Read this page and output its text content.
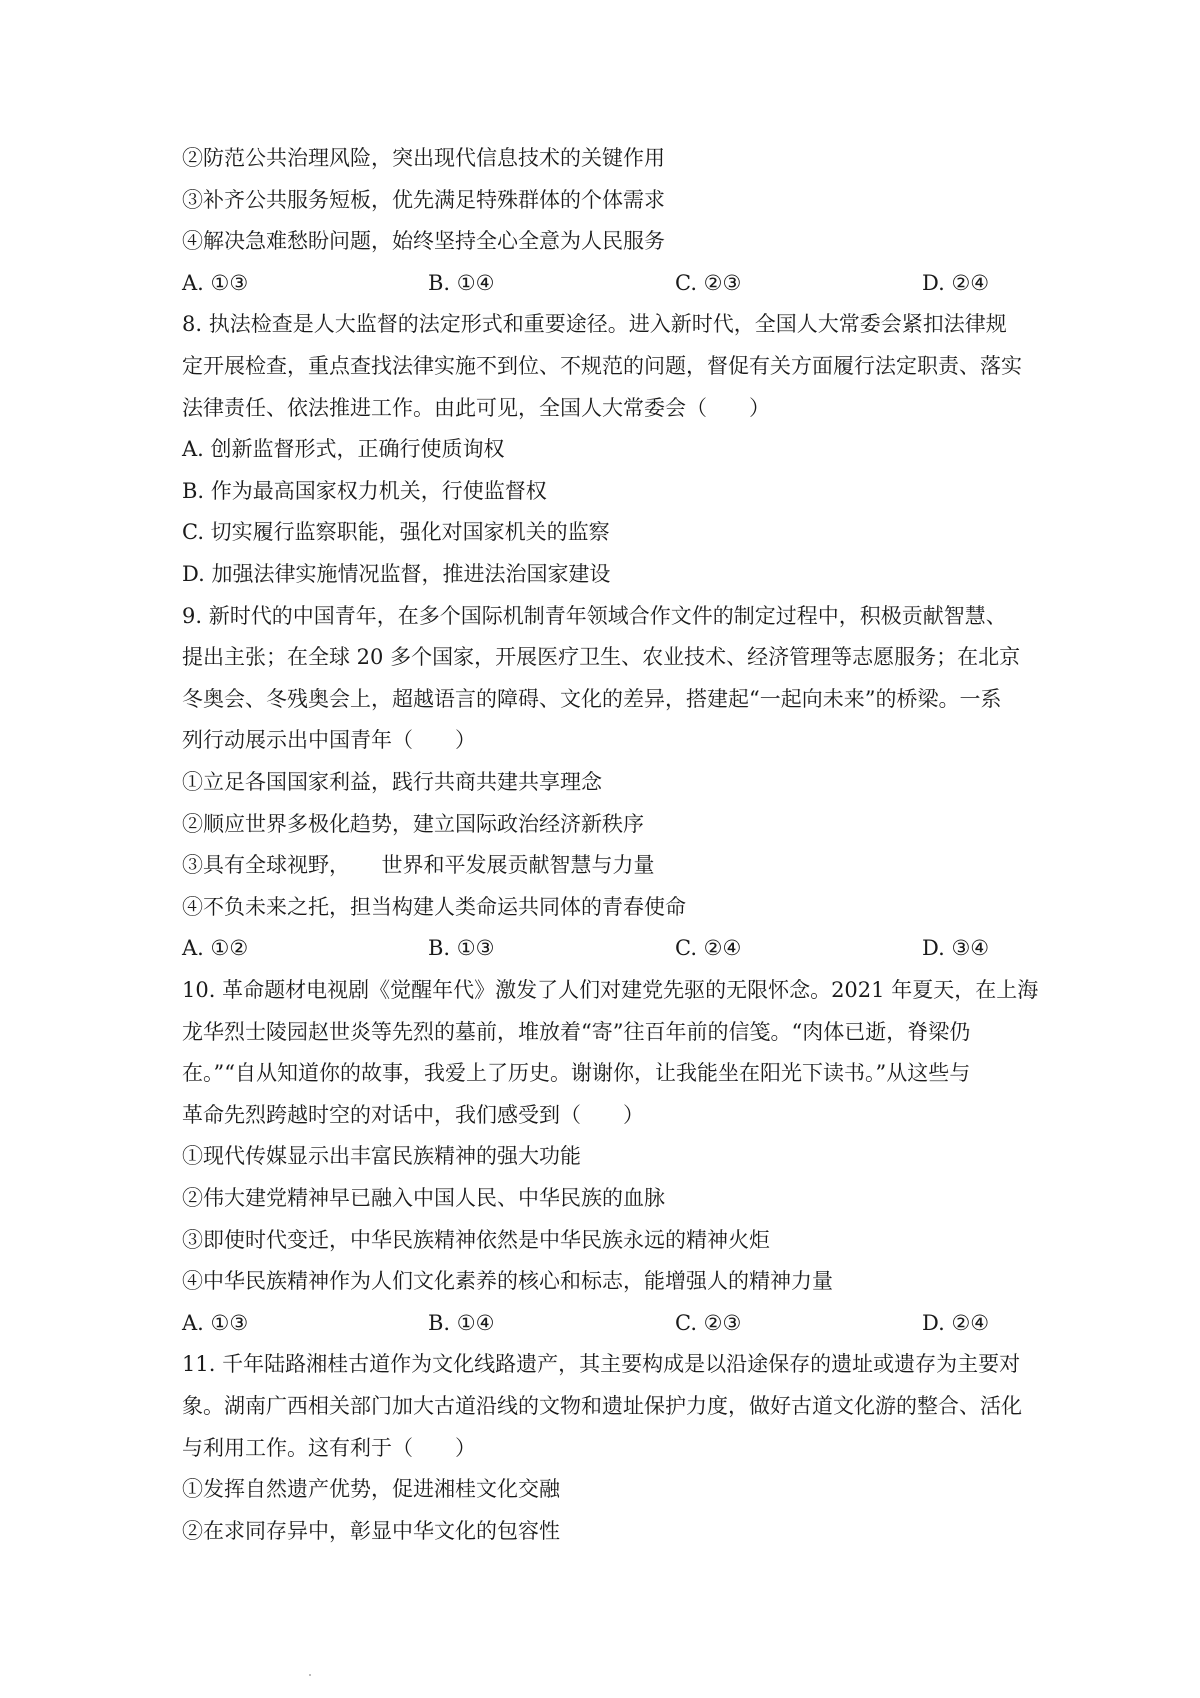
②防范公共治理风险，突出现代信息技术的关键作用
③补齐公共服务短板，优先满足特殊群体的个体需求
④解决急难愁盼问题，始终坚持全心全意为人民服务
A. ①③	B. ①④	C. ②③	D. ②④
8. 执法检查是人大监督的法定形式和重要途径。进入新时代，全国人大常委会紧扣法律规
定开展检查，重点查找法律实施不到位、不规范的问题，督促有关方面履行法定职责、落实
法律责任、依法推进工作。由此可见，全国人大常委会（　　）
A. 创新监督形式，正确行使质询权
B. 作为最高国家权力机关，行使监督权
C. 切实履行监察职能，强化对国家机关的监察
D. 加强法律实施情况监督，推进法治国家建设
9. 新时代的中国青年，在多个国际机制青年领域合作文件的制定过程中，积极贡献智慧、
提出主张；在全球 20 多个国家，开展医疗卫生、农业技术、经济管理等志愿服务；在北京
冬奥会、冬残奥会上，超越语言的障碍、文化的差异，搭建起“一起向未来”的桥梁。一系
列行动展示出中国青年（　　）
①立足各国国家利益，践行共商共建共享理念
②顺应世界多极化趋势，建立国际政治经济新秩序
③具有全球视野，　　世界和平发展贡献智慧与力量
④不负未来之托，担当构建人类命运共同体的青春使命
A. ①②	B. ①③	C. ②④	D. ③④
10. 革命题材电视剧《觉醒年代》激发了人们对建党先驱的无限怀念。2021 年夏天，在上海
龙华烈士陵园赵世炎等先烈的墓前，堆放着“寄”往百年前的信笺。“肉体已逝，脊梁仍
在。”“自从知道你的故事，我爱上了历史。谢谢你，让我能坐在阳光下读书。”从这些与
革命先烈跨越时空的对话中，我们感受到（　　）
①现代传媒显示出丰富民族精神的强大功能
②伟大建党精神早已融入中国人民、中华民族的血脉
③即使时代变迁，中华民族精神依然是中华民族永远的精神火炬
④中华民族精神作为人们文化素养的核心和标志，能增强人的精神力量
A. ①③	B. ①④	C. ②③	D. ②④
11. 千年陆路湘桂古道作为文化线路遗产，其主要构成是以沿途保存的遗址或遗存为主要对
象。湖南广西相关部门加大古道沿线的文物和遗址保护力度，做好古道文化游的整合、活化
与利用工作。这有利于（　　）
①发挥自然遗产优势，促进湘桂文化交融
②在求同存异中，彰显中华文化的包容性
